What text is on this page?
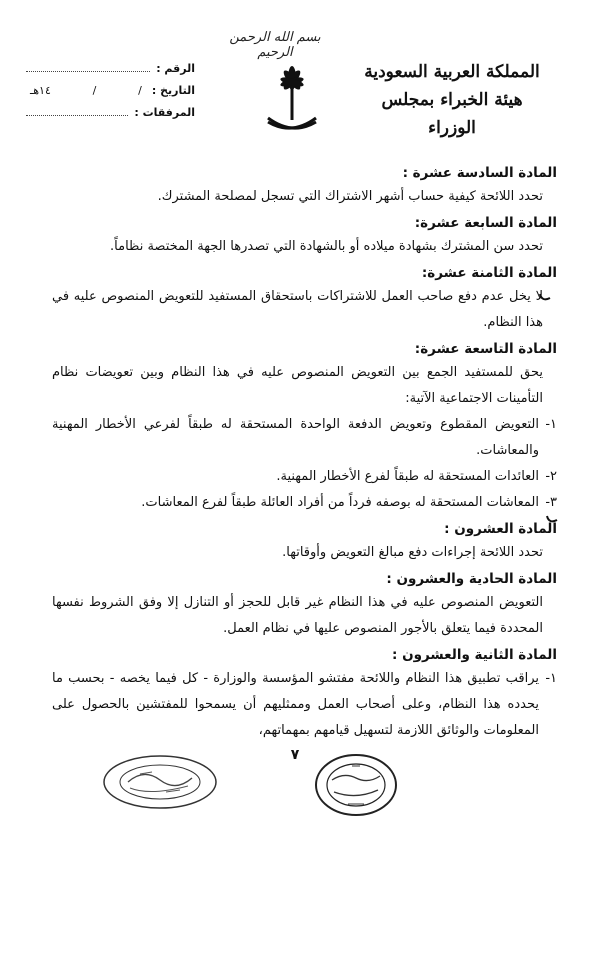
بسم الله الرحمن الرحيم
المملكة العربية السعودية
هيئة الخبراء بمجلس الوزراء
الرقم :
التاريخ :
/
/
١٤هـ
المرفقات :
المادة السادسة عشرة :
تحدد اللائحة كيفية حساب أشهر الاشتراك التي تسجل لمصلحة المشترك.
المادة السابعة عشرة:
تحدد سن المشترك بشهادة ميلاده أو بالشهادة التي تصدرها الجهة المختصة نظاماً.
المادة الثامنة عشرة:
لا يخل عدم دفع صاحب العمل للاشتراكات باستحقاق المستفيد للتعويض المنصوص عليه في هذا النظام.
المادة التاسعة عشرة:
يحق للمستفيد الجمع بين التعويض المنصوص عليه في هذا النظام وبين تعويضات نظام التأمينات الاجتماعية الآتية:
١-
التعويض المقطوع وتعويض الدفعة الواحدة المستحقة له طبقاً لفرعي الأخطار المهنية والمعاشات.
٢-
العائدات المستحقة له طبقاً لفرع الأخطار المهنية.
٣-
المعاشات المستحقة له بوصفه فرداً من أفراد العائلة طبقاً لفرع المعاشات.
المادة العشرون :
تحدد اللائحة إجراءات دفع مبالغ التعويض وأوقاتها.
المادة الحادية والعشرون :
التعويض المنصوص عليه في هذا النظام غير قابل للحجز أو التنازل إلا وفق الشروط نفسها المحددة فيما يتعلق بالأجور المنصوص عليها في نظام العمل.
المادة الثانية والعشرون :
١-
يراقب تطبيق هذا النظام واللائحة مفتشو المؤسسة والوزارة - كل فيما يخصه - بحسب ما يحدده هذا النظام، وعلى أصحاب العمل وممثليهم أن يسمحوا للمفتشين بالحصول على المعلومات والوثائق اللازمة لتسهيل قيامهم بمهماتهم،
٧
